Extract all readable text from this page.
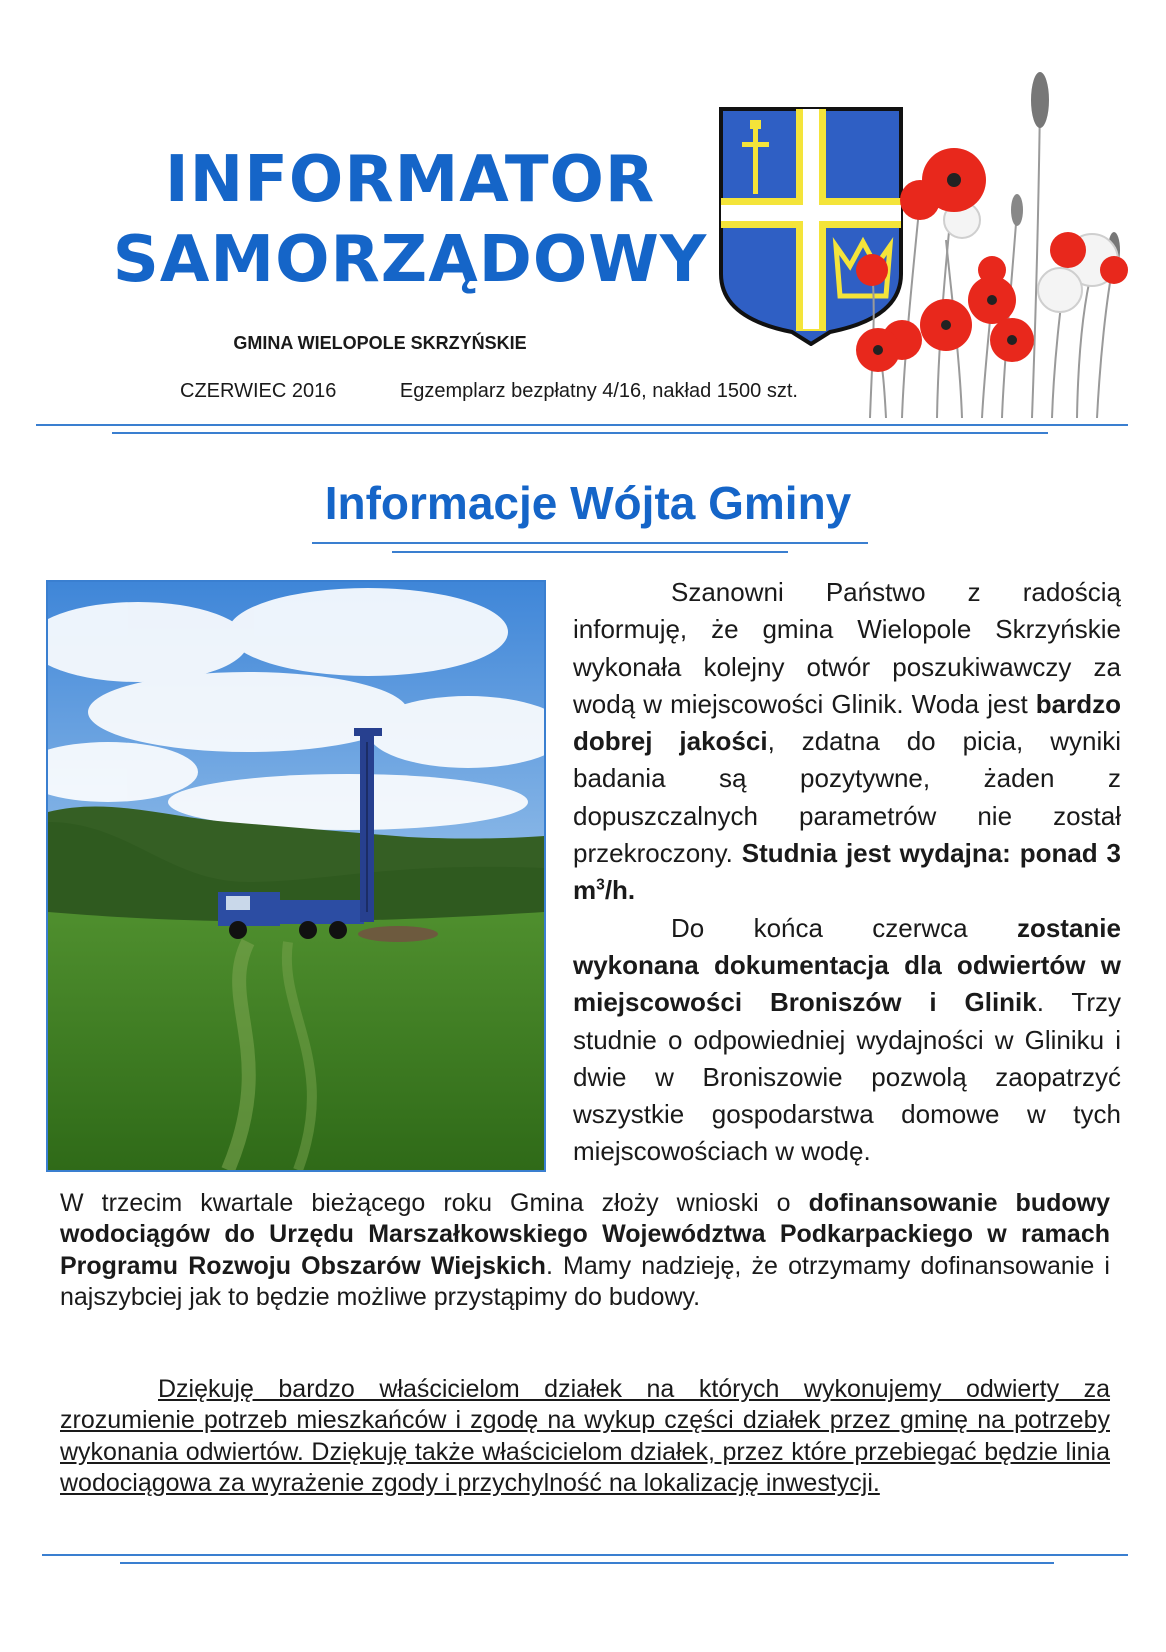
INFORMATOR
SAMORZĄDOWY
GMINA WIELOPOLE SKRZYŃSKIE
CZERWIEC 2016	Egzemplarz bezpłatny 4/16, nakład 1500 szt.
Informacje Wójta Gminy

Szanowni Państwo z radością informuję, że gmina Wielopole Skrzyńskie wykonała kolejny otwór poszukiwawczy za wodą w miejscowości Glinik. Woda jest bardzo dobrej jakości, zdatna do picia, wyniki badania są pozytywne, żaden z dopuszczalnych parametrów nie został przekroczony. Studnia jest wydajna: ponad 3 $m^3/h$.

Do końca czerwca zostanie wykonana dokumentacja dla odwiertów w miejscowości Broniszów i Glinik. Trzy studnie o odpowiedniej wydajności w Gliniku i dwie w Broniszowie pozwolą zaopatrzyć wszystkie gospodarstwa domowe w tych miejscowościach w wodę.

W trzecim kwartale bieżącego roku Gmina złoży wnioski o dofinansowanie budowy wodociągów do Urzędu Marszałkowskiego Województwa Podkarpackiego w ramach Programu Rozwoju Obszarów Wiejskich. Mamy nadzieję, że otrzymamy dofinansowanie i najszybciej jak to będzie możliwe przystąpimy do budowy.

Dziękuję bardzo właścicielom działek na których wykonujemy odwierty za zrozumienie potrzeb mieszkańców i zgodę na wykup części działek przez gminę na potrzeby wykonania odwiertów. Dziękuję także właścicielom działek, przez które przebiegać będzie linia wodociągowa za wyrażenie zgody i przychylność na lokalizację inwestycji.
